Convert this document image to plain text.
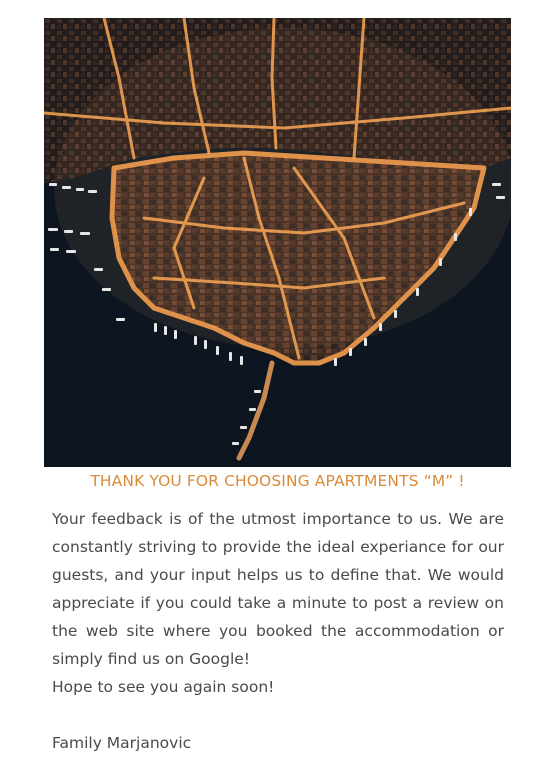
THANK YOU FOR CHOOSING APARTMENTS “M” !

Your feedback is of the utmost importance to us. We are constantly striving to provide the ideal experiance for our guests, and your input helps us to define that. We would appreciate if you could take a minute to post a review on the web site where you booked the accommodation or simply find us on Google!

Hope to see you again soon!

Family Marjanovic
